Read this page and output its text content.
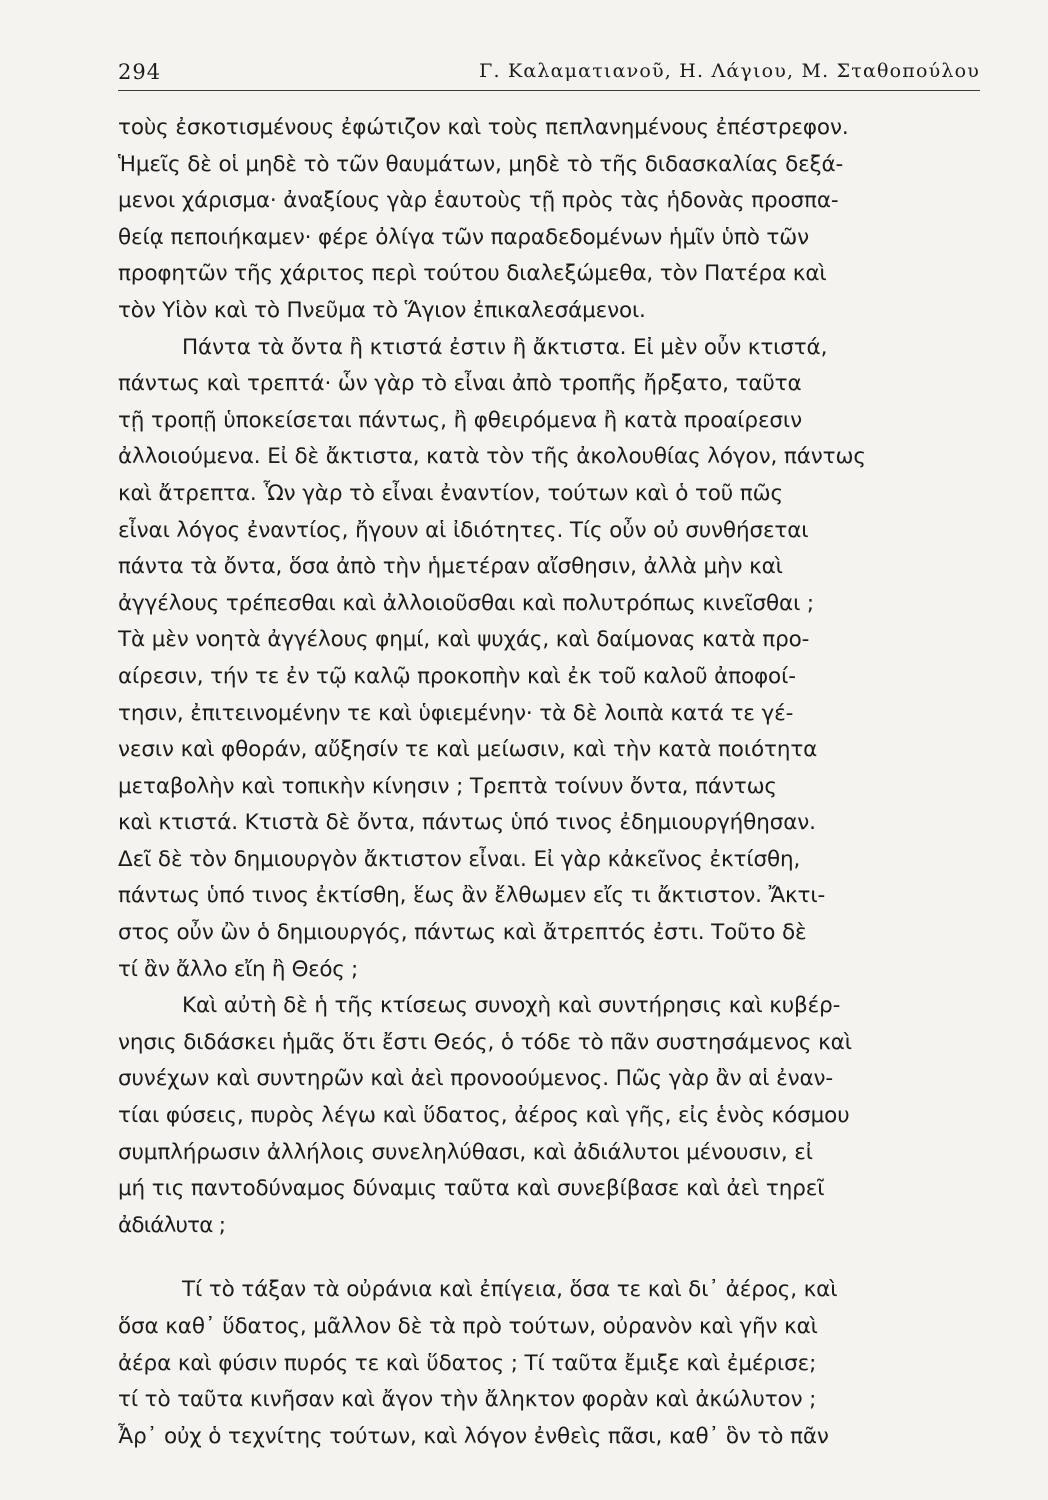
294	Γ. Καλαματιανοῦ, Η. Λάγιου, Μ. Σταθοπούλου
τοὺς ἐσκοτισμένους ἐφώτιζον καὶ τοὺς πεπλανημένους ἐπέστρεφον.
Ἡμεῖς δὲ οἱ μηδὲ τὸ τῶν θαυμάτων, μηδὲ τὸ τῆς διδασκαλίας δεξά-
μενοι χάρισμα· ἀναξίους γὰρ ἑαυτοὺς τῇ πρὸς τὰς ἡδονὰς προσπα-
θείᾳ πεποιήκαμεν· φέρε ὀλίγα τῶν παραδεδομένων ἡμῖν ὑπὸ τῶν
προφητῶν τῆς χάριτος περὶ τούτου διαλεξώμεθα, τὸν Πατέρα καὶ
τὸν Υἱὸν καὶ τὸ Πνεῦμα τὸ Ἅγιον ἐπικαλεσάμενοι.
Πάντα τὰ ὄντα ἢ κτιστά ἐστιν ἢ ἄκτιστα. Εἰ μὲν οὖν κτιστά,
πάντως καὶ τρεπτά· ὧν γὰρ τὸ εἶναι ἀπὸ τροπῆς ἤρξατο, ταῦτα
τῇ τροπῇ ὑποκείσεται πάντως, ἢ φθειρόμενα ἢ κατὰ προαίρεσιν
ἀλλοιούμενα. Εἰ δὲ ἄκτιστα, κατὰ τὸν τῆς ἀκολουθίας λόγον, πάντως
καὶ ἄτρεπτα. Ὧν γὰρ τὸ εἶναι ἐναντίον, τούτων καὶ ὁ τοῦ πῶς
εἶναι λόγος ἐναντίος, ἤγουν αἱ ἰδιότητες. Τίς οὖν οὐ συνθήσεται
πάντα τὰ ὄντα, ὅσα ἀπὸ τὴν ἡμετέραν αἴσθησιν, ἀλλὰ μὴν καὶ
ἀγγέλους τρέπεσθαι καὶ ἀλλοιοῦσθαι καὶ πολυτρόπως κινεῖσθαι ;
Τὰ μὲν νοητὰ ἀγγέλους φημί, καὶ ψυχάς, καὶ δαίμονας κατὰ προ-
αίρεσιν, τήν τε ἐν τῷ καλῷ προκοπὴν καὶ ἐκ τοῦ καλοῦ ἀποφοί-
τησιν, ἐπιτεινομένην τε καὶ ὑφιεμένην· τὰ δὲ λοιπὰ κατά τε γέ-
νεσιν καὶ φθοράν, αὔξησίν τε καὶ μείωσιν, καὶ τὴν κατὰ ποιότητα
μεταβολὴν καὶ τοπικὴν κίνησιν ; Τρεπτὰ τοίνυν ὄντα, πάντως
καὶ κτιστά. Κτιστὰ δὲ ὄντα, πάντως ὑπό τινος ἐδημιουργήθησαν.
Δεῖ δὲ τὸν δημιουργὸν ἄκτιστον εἶναι. Εἰ γὰρ κἀκεῖνος ἐκτίσθη,
πάντως ὑπό τινος ἐκτίσθη, ἕως ἂν ἔλθωμεν εἴς τι ἄκτιστον. Ἄκτι-
στος οὖν ὢν ὁ δημιουργός, πάντως καὶ ἄτρεπτός ἐστι. Τοῦτο δὲ
τί ἂν ἄλλο εἴη ἢ Θεός ;
Καὶ αὐτὴ δὲ ἡ τῆς κτίσεως συνοχὴ καὶ συντήρησις καὶ κυβέρ-
νησις διδάσκει ἡμᾶς ὅτι ἔστι Θεός, ὁ τόδε τὸ πᾶν συστησάμενος καὶ
συνέχων καὶ συντηρῶν καὶ ἀεὶ προνοούμενος. Πῶς γὰρ ἂν αἱ ἐναν-
τίαι φύσεις, πυρὸς λέγω καὶ ὕδατος, ἀέρος καὶ γῆς, εἰς ἑνὸς κόσμου
συμπλήρωσιν ἀλλήλοις συνεληλύθασι, καὶ ἀδιάλυτοι μένουσιν, εἰ
μή τις παντοδύναμος δύναμις ταῦτα καὶ συνεβίβασε καὶ ἀεὶ τηρεῖ
ἀδιάλυτα ;
Τί τὸ τάξαν τὰ οὐράνια καὶ ἐπίγεια, ὅσα τε καὶ δι᾽ ἀέρος, καὶ
ὅσα καθ᾽ ὕδατος, μᾶλλον δὲ τὰ πρὸ τούτων, οὐρανὸν καὶ γῆν καὶ
ἀέρα καὶ φύσιν πυρός τε καὶ ὕδατος ; Τί ταῦτα ἔμιξε καὶ ἐμέρισε;
τί τὸ ταῦτα κινῆσαν καὶ ἄγον τὴν ἄληκτον φορὰν καὶ ἀκώλυτον ;
Ἆρ᾽ οὐχ ὁ τεχνίτης τούτων, καὶ λόγον ἐνθεὶς πᾶσι, καθ᾽ ὃν τὸ πᾶν
